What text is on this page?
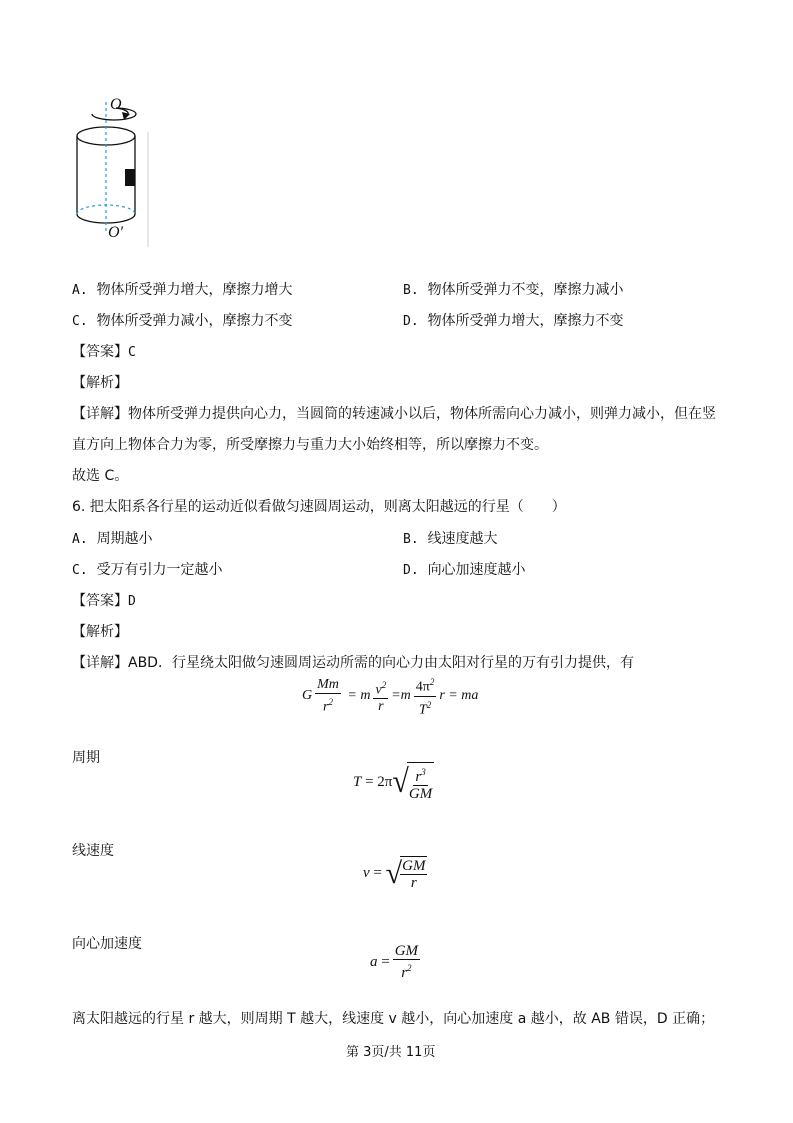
O
O′
A. 物体所受弹力增大，摩擦力增大	B. 物体所受弹力不变，摩擦力减小
C. 物体所受弹力减小，摩擦力不变	D. 物体所受弹力增大，摩擦力不变
【答案】C
【解析】
【详解】物体所受弹力提供向心力，当圆筒的转速减小以后，物体所需向心力减小，则弹力减小，但在竖
直方向上物体合力为零，所受摩擦力与重力大小始终相等，所以摩擦力不变。
故选 C。
6. 把太阳系各行星的运动近似看做匀速圆周运动，则离太阳越远的行星（　　）
A. 周期越小	B. 线速度越大
C. 受万有引力一定越小	D. 向心加速度越小
【答案】D
【解析】
【详解】ABD．行星绕太阳做匀速圆周运动所需的向心力由太阳对行星的万有引力提供，有
G $\frac{Mm}{r^2} = m \frac{v^2}{r} =m \frac{4\pi^2}{T^2}$ r = ma
周期
T = 2π √
$\frac{r^3}{GM}$
线速度
v = √
$\frac{GM}{r}$
向心加速度
$a = \frac{GM}{r^2}$
离太阳越远的行星 r 越大，则周期 T 越大，线速度 v 越小，向心加速度 a 越小，故 AB 错误，D 正确；
第 3页/共 11页
